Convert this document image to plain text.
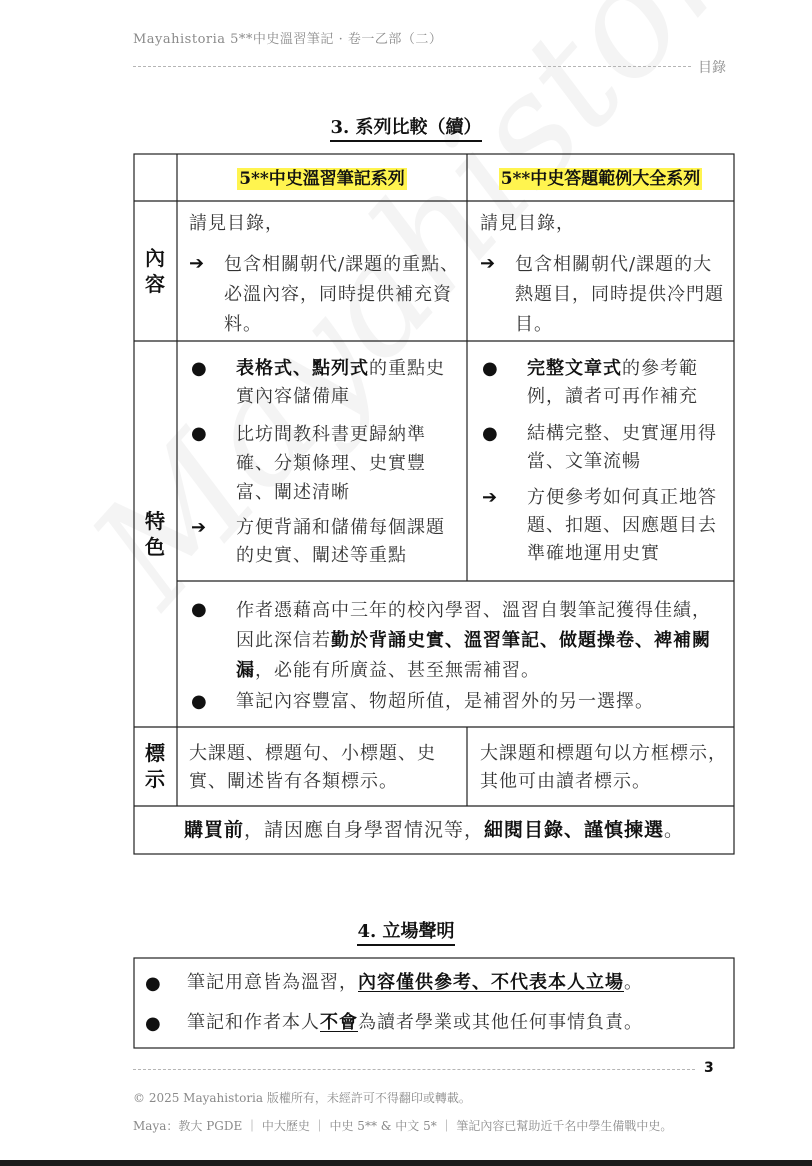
Mayahistoria 5**中史溫習筆記 · 卷一乙部（二）
目錄
3. 系列比較（續）
5**中史溫習筆記系列	5**中史答題範例大全系列
內容
請見目錄，
➔ 包含相關朝代/課題的重點、必溫內容，同時提供補充資料。
請見目錄，
➔ 包含相關朝代/課題的大熱題目，同時提供冷門題目。
特色
● 表格式、點列式的重點史實內容儲備庫
● 比坊間教科書更歸納準確、分類條理、史實豐富、闡述清晰
➔ 方便背誦和儲備每個課題的史實、闡述等重點
● 完整文章式的參考範例，讀者可再作補充
● 結構完整、史實運用得當、文筆流暢
➔ 方便參考如何真正地答題、扣題、因應題目去準確地運用史實
● 作者憑藉高中三年的校內學習、溫習自製筆記獲得佳績，因此深信若勤於背誦史實、溫習筆記、做題操卷、裨補闕漏，必能有所廣益、甚至無需補習。
● 筆記內容豐富、物超所值，是補習外的另一選擇。
標示
大課題、標題句、小標題、史實、闡述皆有各類標示。
大課題和標題句以方框標示，其他可由讀者標示。
購買前，請因應自身學習情況等，細閱目錄、謹慎揀選。
4. 立場聲明
● 筆記用意皆為溫習，內容僅供參考、不代表本人立場。
● 筆記和作者本人不會為讀者學業或其他任何事情負責。
3
© 2025 Mayahistoria 版權所有，未經許可不得翻印或轉載。
Maya：教大 PGDE ｜ 中大歷史 ｜ 中史 5** & 中文 5* ｜ 筆記內容已幫助近千名中學生備戰中史。
